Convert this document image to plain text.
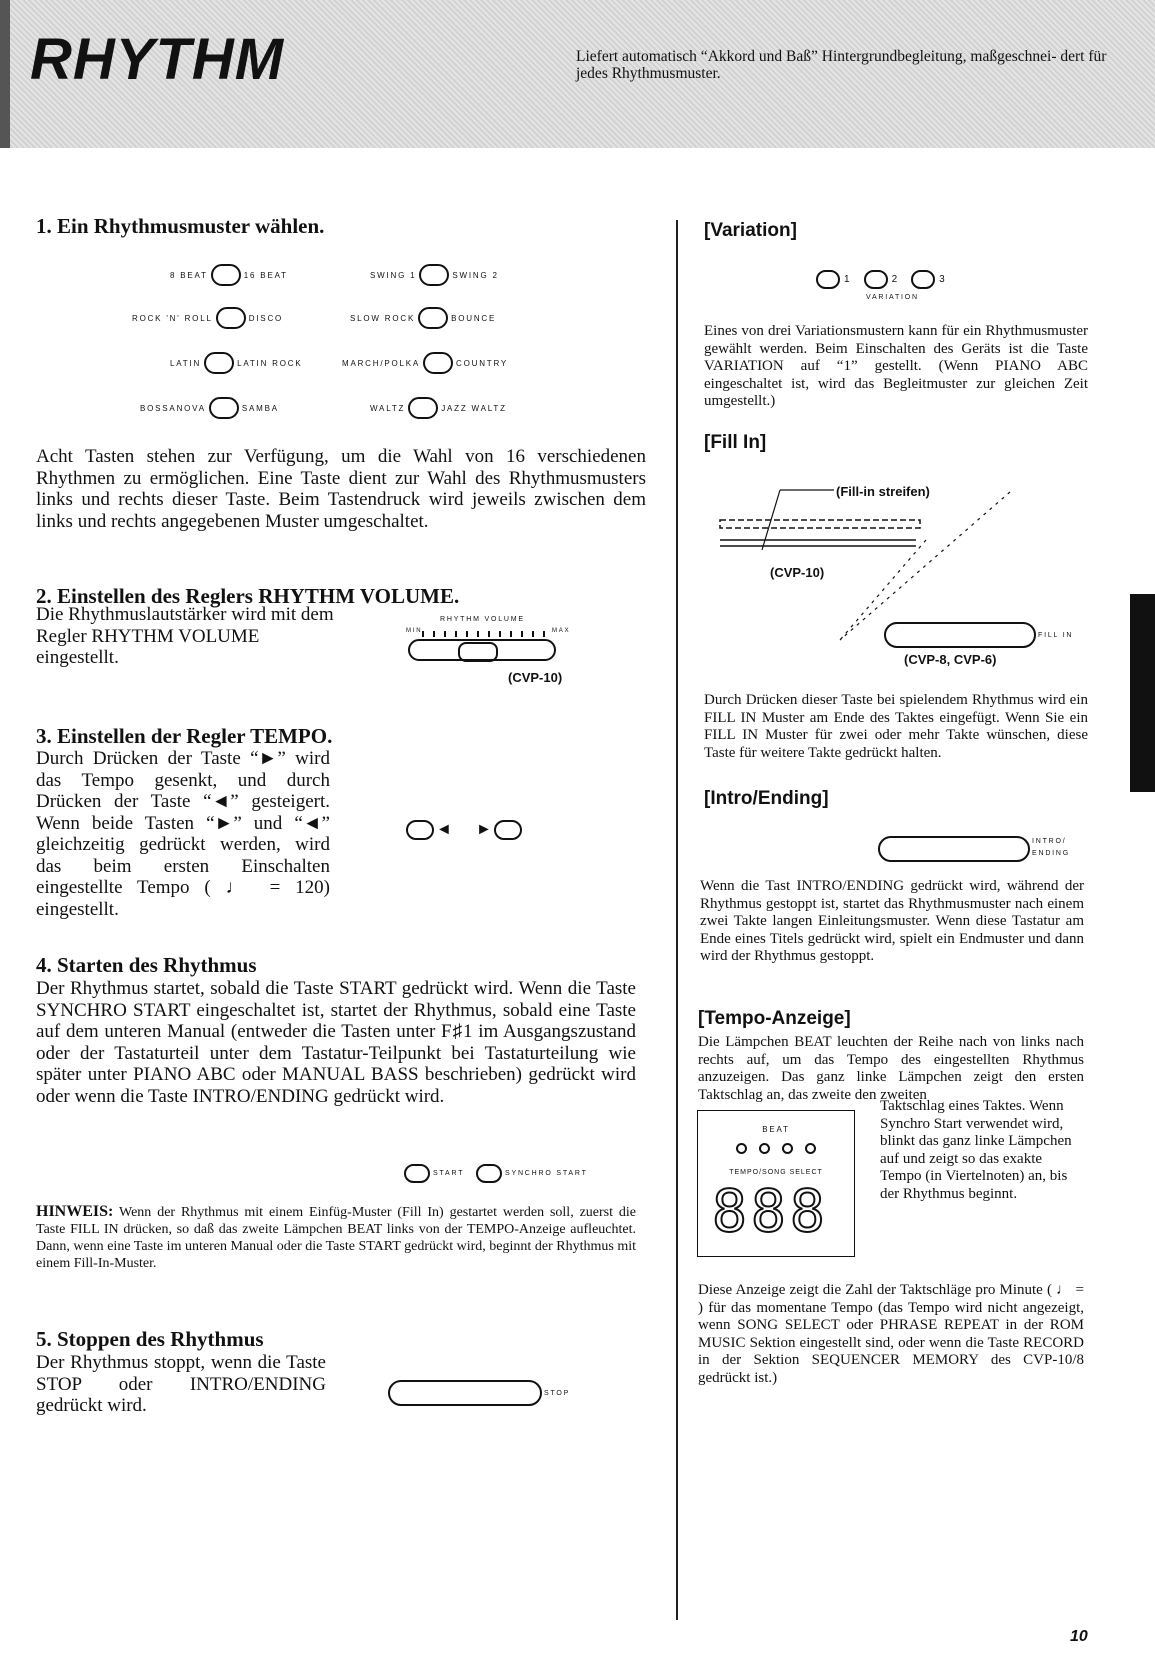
RHYTHM	Liefert automatisch “Akkord und Baß” Hintergrundbegleitung, maßgeschnei- dert für jedes Rhythmusmuster.
1. Ein Rhythmusmuster wählen.
8 BEAT	16 BEAT	SWING 1	SWING 2
ROCK 'N' ROLL	DISCO	SLOW ROCK	BOUNCE
LATIN	LATIN ROCK	MARCH/POLKA	COUNTRY
BOSSANOVA	SAMBA	WALTZ	JAZZ WALTZ
Acht Tasten stehen zur Verfügung, um die Wahl von 16 verschiedenen Rhythmen zu ermöglichen. Eine Taste dient zur Wahl des Rhythmusmusters links und rechts dieser Taste. Beim Tastendruck wird jeweils zwischen dem links und rechts angegebenen Muster umgeschaltet.
2. Einstellen des Reglers RHYTHM VOLUME.
Die Rhythmuslautstärker wird mit dem Regler RHYTHM VOLUME eingestellt.
RHYTHM VOLUME
MIN	MAX
(CVP-10)
3. Einstellen der Regler TEMPO.
Durch Drücken der Taste “►” wird das Tempo gesenkt, und durch Drücken der Taste “◄” gesteigert. Wenn beide Tasten “►” und “◄” gleichzeitig gedrückt werden, wird das beim ersten Einschalten eingestellte Tempo ( ♩ = 120) eingestellt.
◄ ►
4. Starten des Rhythmus
Der Rhythmus startet, sobald die Taste START gedrückt wird. Wenn die Taste SYNCHRO START eingeschaltet ist, startet der Rhythmus, sobald eine Taste auf dem unteren Manual (entweder die Tasten unter F♯1 im Ausgangszustand oder der Tastaturteil unter dem Tastatur-Teilpunkt bei Tastaturteilung wie später unter PIANO ABC oder MANUAL BASS beschrieben) gedrückt wird oder wenn die Taste INTRO/ENDING gedrückt wird.
START	SYNCHRO START
HINWEIS: Wenn der Rhythmus mit einem Einfüg-Muster (Fill In) gestartet werden soll, zuerst die Taste FILL IN drücken, so daß das zweite Lämpchen BEAT links von der TEMPO-Anzeige aufleuchtet. Dann, wenn eine Taste im unteren Manual oder die Taste START gedrückt wird, beginnt der Rhythmus mit einem Fill-In-Muster.
5. Stoppen des Rhythmus
Der Rhythmus stoppt, wenn die Taste STOP oder INTRO/ENDING gedrückt wird.
STOP
[Variation]
1	2	3
VARIATION
Eines von drei Variationsmustern kann für ein Rhythmusmuster gewählt werden. Beim Einschalten des Geräts ist die Taste VARIATION auf “1” gestellt. (Wenn PIANO ABC eingeschaltet ist, wird das Begleitmuster zur gleichen Zeit umgestellt.)
[Fill In]
(Fill-in streifen)
(CVP-10)
FILL IN
(CVP-8, CVP-6)
Durch Drücken dieser Taste bei spielendem Rhythmus wird ein FILL IN Muster am Ende des Taktes eingefügt. Wenn Sie ein FILL IN Muster für zwei oder mehr Takte wünschen, diese Taste für weitere Takte gedrückt halten.
[Intro/Ending]
INTRO/
ENDING
Wenn die Tast INTRO/ENDING gedrückt wird, während der Rhythmus gestoppt ist, startet das Rhythmusmuster nach einem zwei Takte langen Einleitungsmuster. Wenn diese Tastatur am Ende eines Titels gedrückt wird, spielt ein Endmuster und dann wird der Rhythmus gestoppt.
[Tempo-Anzeige]
Die Lämpchen BEAT leuchten der Reihe nach von links nach rechts auf, um das Tempo des eingestellten Rhythmus anzuzeigen. Das ganz linke Lämpchen zeigt den ersten Taktschlag an, das zweite den zweiten
BEAT
TEMPO/SONG SELECT
888
Taktschlag eines Taktes. Wenn Synchro Start verwendet wird, blinkt das ganz linke Lämpchen auf und zeigt so das exakte Tempo (in Viertelnoten) an, bis der Rhythmus beginnt.
Diese Anzeige zeigt die Zahl der Taktschläge pro Minute ( ♩ = ) für das momentane Tempo (das Tempo wird nicht angezeigt, wenn SONG SELECT oder PHRASE REPEAT in der ROM MUSIC Sektion eingestellt sind, oder wenn die Taste RECORD in der Sektion SEQUENCER MEMORY des CVP-10/8 gedrückt ist.)
10
